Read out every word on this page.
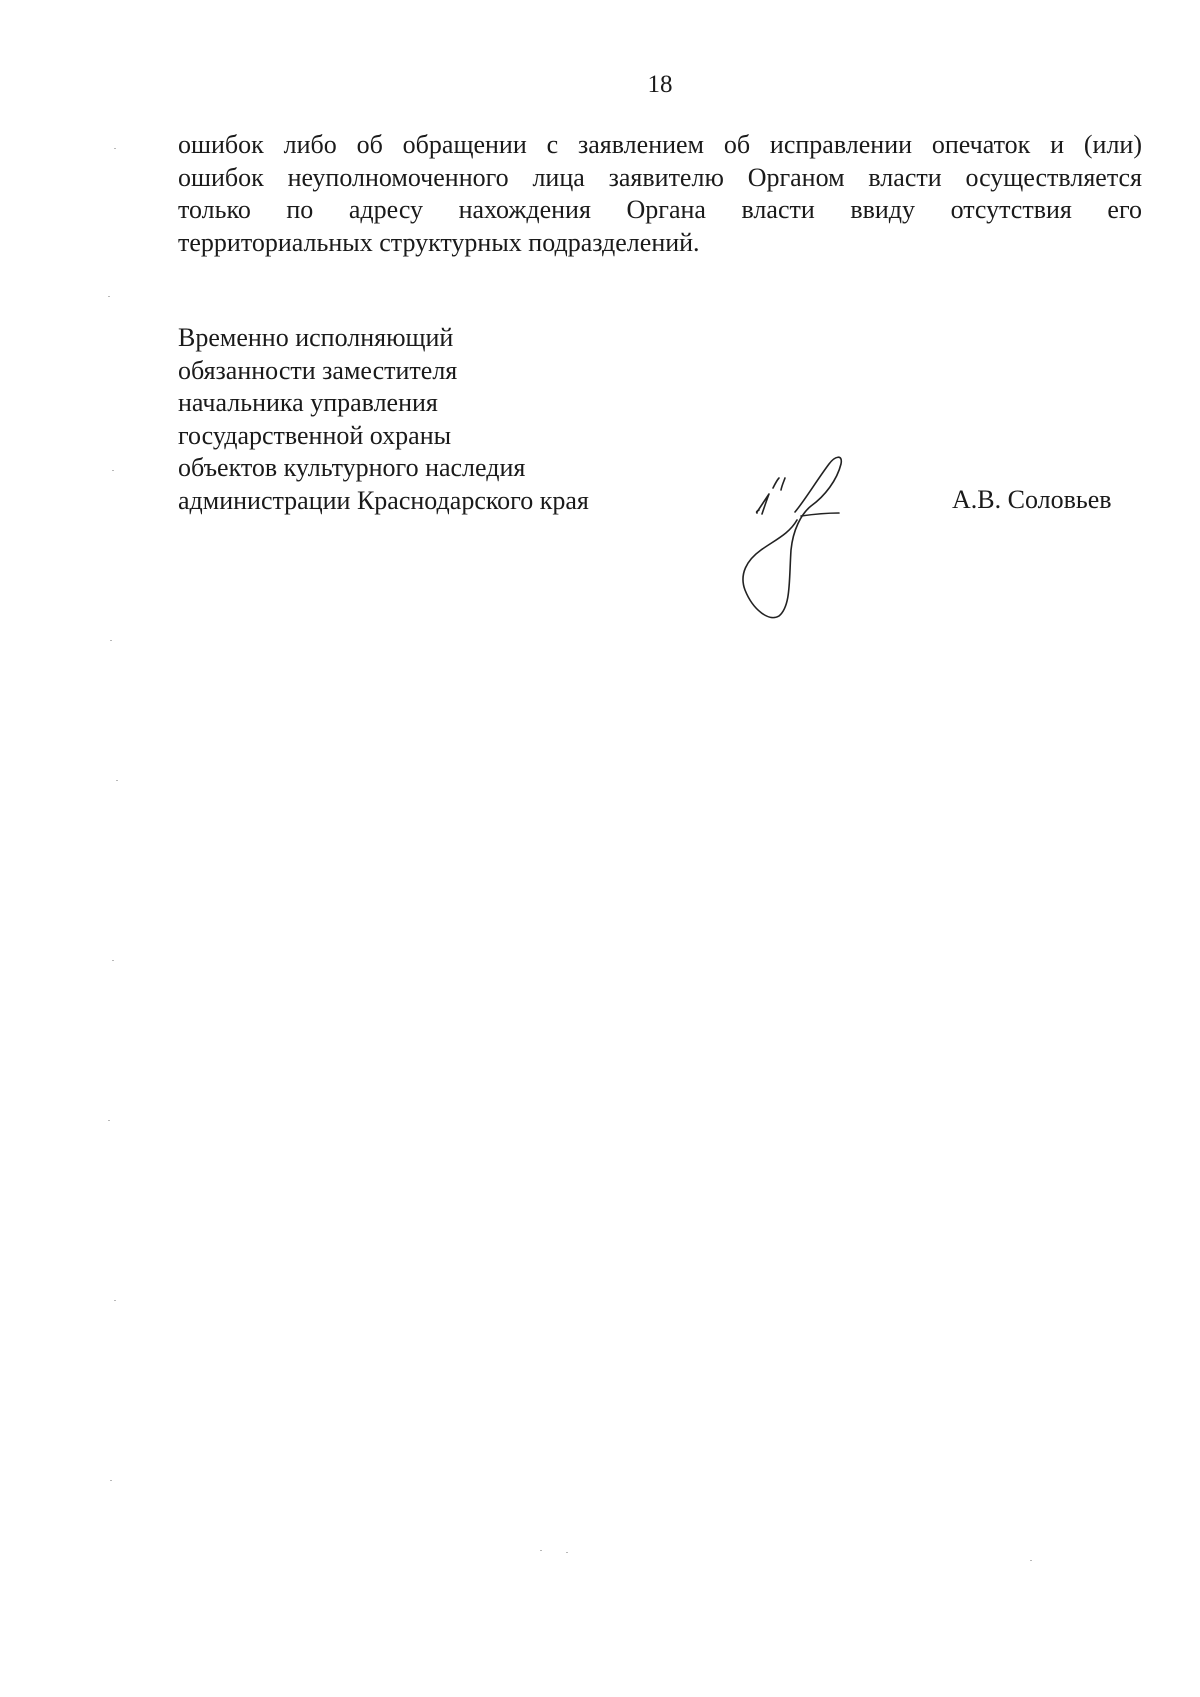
18
ошибок либо об обращении с заявлением об исправлении опечаток и (или)
ошибок неуполномоченного лица заявителю Органом власти осуществляется
только по адресу нахождения Органа власти ввиду отсутствия его
территориальных структурных подразделений.
Временно исполняющий
обязанности заместителя
начальника управления
государственной охраны
объектов культурного наследия
администрации Краснодарского края	А.В. Соловьев
